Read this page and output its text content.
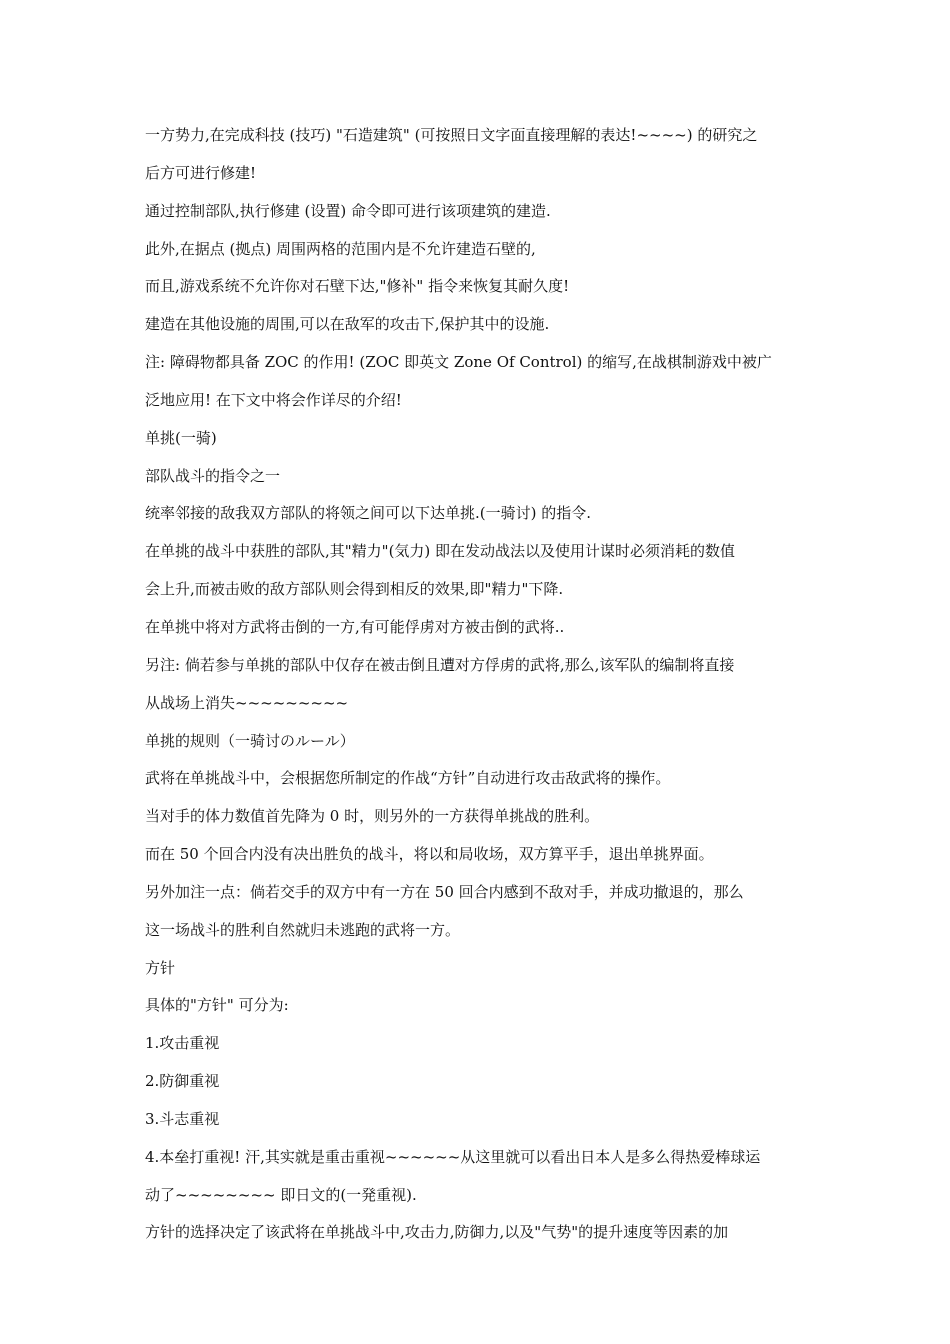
一方势力,在完成科技 (技巧) "石造建筑" (可按照日文字面直接理解的表达!~~~~) 的研究之
后方可进行修建!
通过控制部队,执行修建 (设置) 命令即可进行该项建筑的建造.
此外,在据点 (拠点) 周围两格的范围内是不允许建造石壁的,
而且,游戏系统不允许你对石壁下达,"修补" 指令来恢复其耐久度!
建造在其他设施的周围,可以在敌军的攻击下,保护其中的设施.
注: 障碍物都具备 ZOC 的作用! (ZOC 即英文 Zone Of Control) 的缩写,在战棋制游戏中被广
泛地应用! 在下文中将会作详尽的介绍!
单挑(一骑)
部队战斗的指令之一
统率邻接的敌我双方部队的将领之间可以下达单挑.(一骑讨) 的指令.
在单挑的战斗中获胜的部队,其"精力"(気力) 即在发动战法以及使用计谋时必须消耗的数值
会上升,而被击败的敌方部队则会得到相反的效果,即"精力"下降.
在单挑中将对方武将击倒的一方,有可能俘虏对方被击倒的武将..
另注: 倘若参与单挑的部队中仅存在被击倒且遭对方俘虏的武将,那么,该军队的编制将直接
从战场上消失~~~~~~~~~
单挑的规则（一骑讨のルール）
武将在单挑战斗中，会根据您所制定的作战“方针”自动进行攻击敌武将的操作。
当对手的体力数值首先降为 0 时，则另外的一方获得单挑战的胜利。
而在 50 个回合内没有决出胜负的战斗，将以和局收场，双方算平手，退出单挑界面。
另外加注一点：倘若交手的双方中有一方在 50 回合内感到不敌对手，并成功撤退的，那么
这一场战斗的胜利自然就归未逃跑的武将一方。
方针
具体的"方针" 可分为:
1.攻击重视
2.防御重视
3.斗志重视
4.本垒打重视! 汗,其实就是重击重视~~~~~~从这里就可以看出日本人是多么得热爱棒球运
动了~~~~~~~~ 即日文的(一発重视).
方针的选择决定了该武将在单挑战斗中,攻击力,防御力,以及"气势"的提升速度等因素的加
